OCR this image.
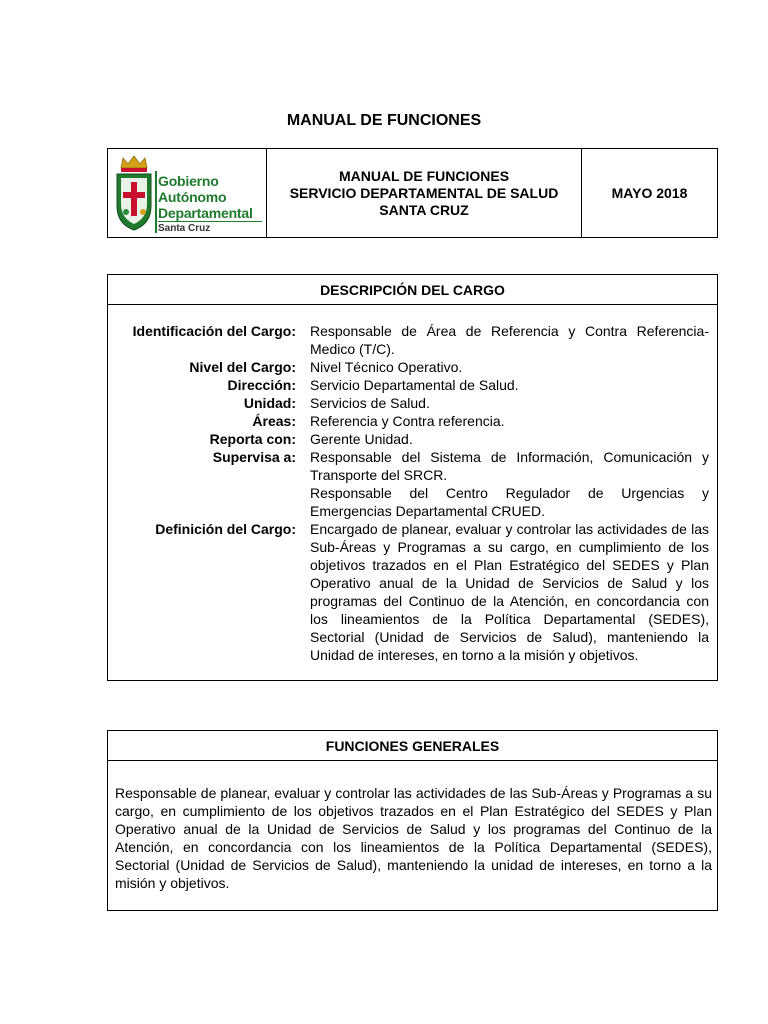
MANUAL DE FUNCIONES
Gobierno
Autónomo
Departamental
Santa Cruz
MANUAL DE FUNCIONES
SERVICIO DEPARTAMENTAL DE SALUD
SANTA CRUZ
MAYO 2018
DESCRIPCIÓN DEL CARGO
Identificación del Cargo:	Responsable de Área de Referencia y Contra Referencia- Medico (T/C).
Nivel del Cargo:	Nivel Técnico Operativo.
Dirección:	Servicio Departamental de Salud.
Unidad:	Servicios de Salud.
Áreas:	Referencia y Contra referencia.
Reporta con:	Gerente Unidad.
Supervisa a:	Responsable del Sistema de Información, Comunicación y Transporte del SRCR.
Responsable del Centro Regulador de Urgencias y Emergencias Departamental CRUED.
Definición del Cargo:	Encargado de planear, evaluar y controlar las actividades de las Sub-Áreas y Programas a su cargo, en cumplimiento de los objetivos trazados en el Plan Estratégico del SEDES y Plan Operativo anual de la Unidad de Servicios de Salud y los programas del Continuo de la Atención, en concordancia con los lineamientos de la Política Departamental (SEDES), Sectorial (Unidad de Servicios de Salud), manteniendo la Unidad de intereses, en torno a la misión y objetivos.
FUNCIONES GENERALES
Responsable de planear, evaluar y controlar las actividades de las Sub-Áreas y Programas a su cargo, en cumplimiento de los objetivos trazados en el Plan Estratégico del SEDES y Plan Operativo anual de la Unidad de Servicios de Salud y los programas del Continuo de la Atención, en concordancia con los lineamientos de la Política Departamental (SEDES), Sectorial (Unidad de Servicios de Salud), manteniendo la unidad de intereses, en torno a la misión y objetivos.
